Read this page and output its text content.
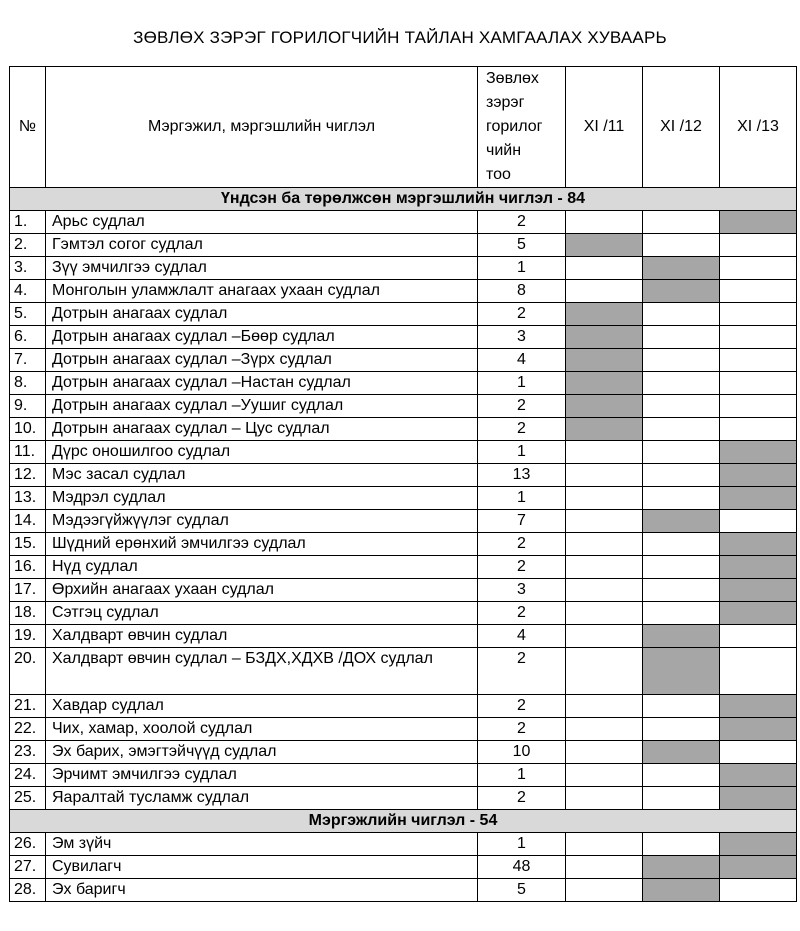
ЗӨВЛӨХ ЗЭРЭГ ГОРИЛОГЧИЙН ТАЙЛАН ХАМГААЛАХ ХУВААРЬ
№	Мэргэжил, мэргэшлийн чиглэл	Зөвлөх
зэрэг
горилог
чийн
тоо	XI /11	XI /12	XI /13
Үндсэн ба төрөлжсөн мэргэшлийн чиглэл - 84					
1.	Арьс судлал	2			
2.	Гэмтэл согог судлал	5			
3.	Зүү эмчилгээ судлал	1			
4.	Монголын уламжлалт анагаах ухаан судлал	8			
5.	Дотрын анагаах судлал	2			
6.	Дотрын анагаах судлал –Бөөр судлал	3			
7.	Дотрын анагаах судлал –Зүрх судлал	4			
8.	Дотрын анагаах судлал –Настан судлал	1			
9.	Дотрын анагаах судлал –Уушиг судлал	2			
10.	Дотрын анагаах судлал – Цус судлал	2			
11.	Дүрс оношилгоо судлал	1			
12.	Мэс засал судлал	13			
13.	Мэдрэл судлал	1			
14.	Мэдээгүйжүүлэг судлал	7			
15.	Шүдний ерөнхий эмчилгээ судлал	2			
16.	Нүд судлал	2			
17.	Өрхийн анагаах ухаан судлал	3			
18.	Сэтгэц судлал	2			
19.	Халдварт өвчин судлал	4			
20.	Халдварт өвчин судлал – БЗДХ,ХДХВ /ДОХ судлал	2			
21.	Хавдар судлал	2			
22.	Чих, хамар, хоолой судлал	2			
23.	Эх барих, эмэгтэйчүүд судлал	10			
24.	Эрчимт эмчилгээ судлал	1			
25.	Яаралтай тусламж судлал	2			
Мэргэжлийн чиглэл - 54					
26.	Эм зүйч	1			
27.	Сувилагч	48			
28.	Эх баригч	5			
